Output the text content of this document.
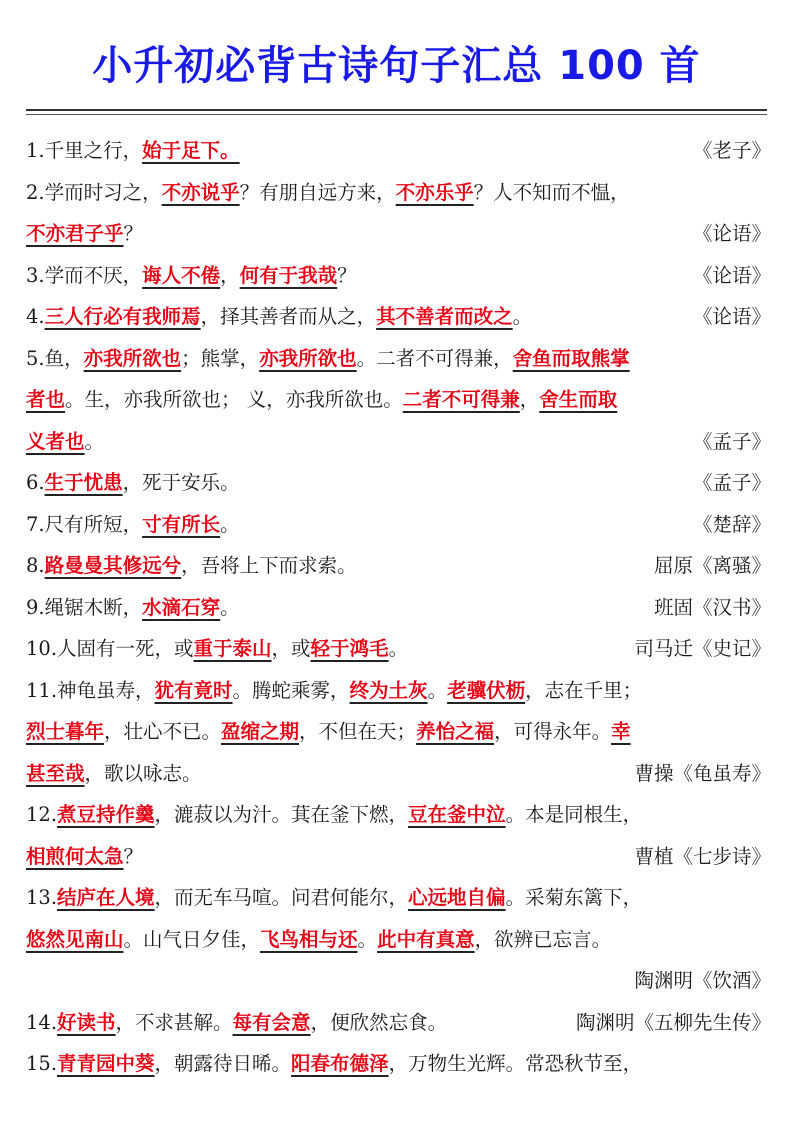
小升初必背古诗句子汇总 100 首
1.千里之行，始于足下。	《老子》
2.学而时习之，不亦说乎？有朋自远方来，不亦乐乎？人不知而不愠，
不亦君子乎？	《论语》
3.学而不厌，诲人不倦，何有于我哉？	《论语》
4.三人行必有我师焉，择其善者而从之，其不善者而改之。	《论语》
5.鱼，亦我所欲也；熊掌，亦我所欲也。二者不可得兼，舍鱼而取熊掌
者也。生，亦我所欲也； 义，亦我所欲也。二者不可得兼，舍生而取
义者也。	《孟子》
6.生于忧患，死于安乐。	《孟子》
7.尺有所短，寸有所长。	《楚辞》
8.路曼曼其修远兮，吾将上下而求索。	屈原《离骚》
9.绳锯木断，水滴石穿。	班固《汉书》
10.人固有一死，或重于泰山，或轻于鸿毛。	司马迁《史记》
11.神龟虽寿，犹有竟时。腾蛇乘雾，终为土灰。老骥伏枥，志在千里；
烈士暮年，壮心不已。盈缩之期，不但在天；养怡之福，可得永年。幸
甚至哉，歌以咏志。	曹操《龟虽寿》
12.煮豆持作羹，漉菽以为汁。萁在釜下燃，豆在釜中泣。本是同根生，
相煎何太急？	曹植《七步诗》
13.结庐在人境，而无车马喧。问君何能尔，心远地自偏。采菊东篱下，
悠然见南山。山气日夕佳，飞鸟相与还。此中有真意，欲辨已忘言。
陶渊明《饮酒》
14.好读书，不求甚解。每有会意，便欣然忘食。	陶渊明《五柳先生传》
15.青青园中葵，朝露待日晞。阳春布德泽，万物生光辉。常恐秋节至，
